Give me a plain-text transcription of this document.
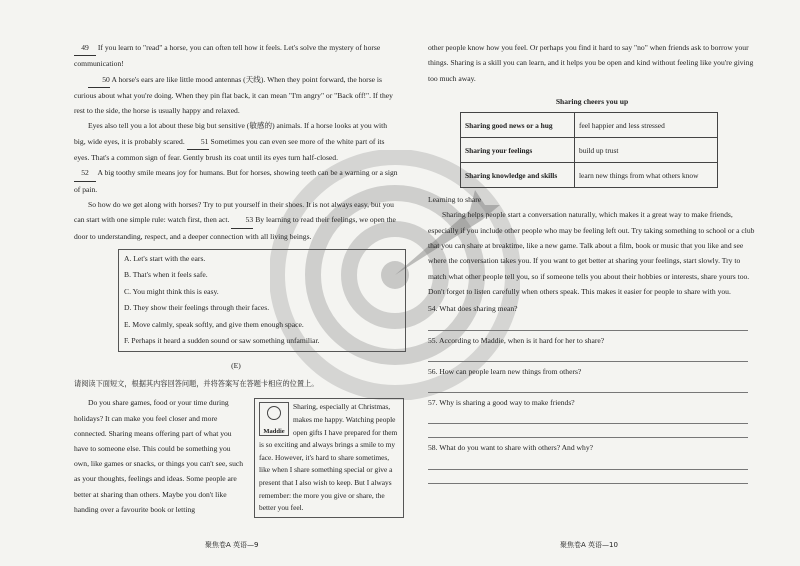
49 If you learn to "read" a horse, you can often tell how it feels. Let's solve the mystery of horse communication!

50 A horse's ears are like little mood antennas (天线). When they point forward, the horse is curious about what you're doing. When they pin flat back, it can mean "I'm angry" or "Back off!". If they rest to the side, the horse is usually happy and relaxed.

Eyes also tell you a lot about these big but sensitive (敏感的) animals. If a horse looks at you with big, wide eyes, it is probably scared. 51 Sometimes you can even see more of the white part of its eyes. That's a common sign of fear. Gently brush its coat until its eyes turn half-closed.

52 A big toothy smile means joy for humans. But for horses, showing teeth can be a warning or a sign of pain.

So how do we get along with horses? Try to put yourself in their shoes. It is not always easy, but you can start with one simple rule: watch first, then act. 53 By learning to read their feelings, we open the door to understanding, respect, and a deeper connection with all living beings.

A. Let's start with the ears.
B. That's when it feels safe.
C. You might think this is easy.
D. They show their feelings through their faces.
E. Move calmly, speak softly, and give them enough space.
F. Perhaps it heard a sudden sound or saw something unfamiliar.

(E)

请阅读下面短文，根据其内容回答问题，并将答案写在答题卡相应的位置上。

Do you share games, food or your time during holidays? It can make you feel closer and more connected. Sharing means offering part of what you have to someone else. This could be something you own, like games or snacks, or things you can't see, such as your thoughts, feelings and ideas. Some people are better at sharing than others. Maybe you don't like handing over a favourite book or letting

Maddie
Sharing, especially at Christmas, makes me happy. Watching people open gifts I have prepared for them is so exciting and always brings a smile to my face. However, it's hard to share sometimes, like when I share something special or give a present that I also wish to keep. But I always remember: the more you give or share, the better you feel.

other people know how you feel. Or perhaps you find it hard to say "no" when friends ask to borrow your things. Sharing is a skill you can learn, and it helps you be open and kind without feeling like you're giving too much away.

Sharing cheers you up

Sharing good news or a hug	feel happier and less stressed
Sharing your feelings	build up trust
Sharing knowledge and skills	learn new things from what others know

Learning to share

Sharing helps people start a conversation naturally, which makes it a great way to make friends, especially if you include other people who may be feeling left out. Try taking something to school or a club that you can share at breaktime, like a new game. Talk about a film, book or music that you like and see where the conversation takes you. If you want to get better at sharing your feelings, start slowly. Try to match what other people tell you, so if someone tells you about their hobbies or interests, share yours too. Don't forget to listen carefully when others speak. This makes it easier for people to share with you.

54. What does sharing mean?

55. According to Maddie, when is it hard for her to share?

56. How can people learn new things from others?

57. Why is sharing a good way to make friends?

58. What do you want to share with others? And why?

聚焦卷A 英语—9	聚焦卷A 英语—10
